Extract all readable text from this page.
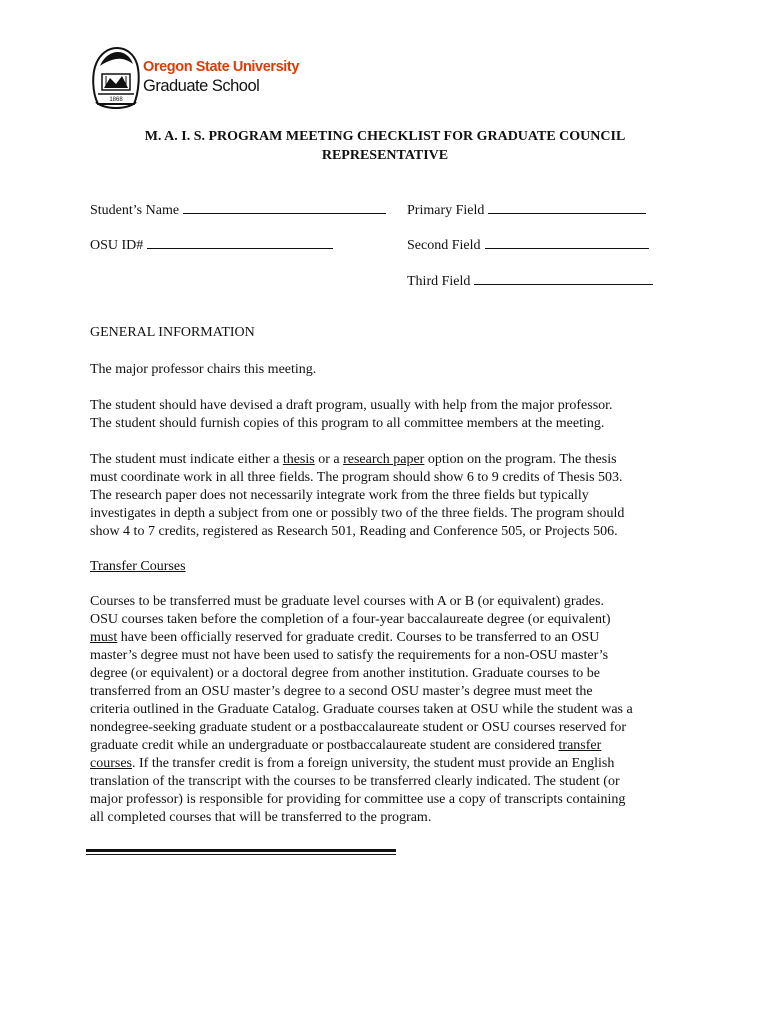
1868
Oregon State University
Graduate School
M. A. I. S. PROGRAM MEETING CHECKLIST FOR GRADUATE COUNCIL
REPRESENTATIVE
Student’s Name	Primary Field
OSU ID#	Second Field
Third Field
GENERAL INFORMATION
The major professor chairs this meeting.

The student should have devised a draft program, usually with help from the major professor.

The student should furnish copies of this program to all committee members at the meeting.

The student must indicate either a thesis or a research paper option on the program. The thesis

must coordinate work in all three fields. The program should show 6 to 9 credits of Thesis 503.

The research paper does not necessarily integrate work from the three fields but typically

investigates in depth a subject from one or possibly two of the three fields. The program should

show 4 to 7 credits, registered as Research 501, Reading and Conference 505, or Projects 506.

Transfer Courses

Courses to be transferred must be graduate level courses with A or B (or equivalent) grades.

OSU courses taken before the completion of a four-year baccalaureate degree (or equivalent)

must have been officially reserved for graduate credit. Courses to be transferred to an OSU

master’s degree must not have been used to satisfy the requirements for a non-OSU master’s

degree (or equivalent) or a doctoral degree from another institution. Graduate courses to be

transferred from an OSU master’s degree to a second OSU master’s degree must meet the

criteria outlined in the Graduate Catalog. Graduate courses taken at OSU while the student was a

nondegree-seeking graduate student or a postbaccalaureate student or OSU courses reserved for

graduate credit while an undergraduate or postbaccalaureate student are considered transfer

courses. If the transfer credit is from a foreign university, the student must provide an English

translation of the transcript with the courses to be transferred clearly indicated. The student (or

major professor) is responsible for providing for committee use a copy of transcripts containing

all completed courses that will be transferred to the program.
